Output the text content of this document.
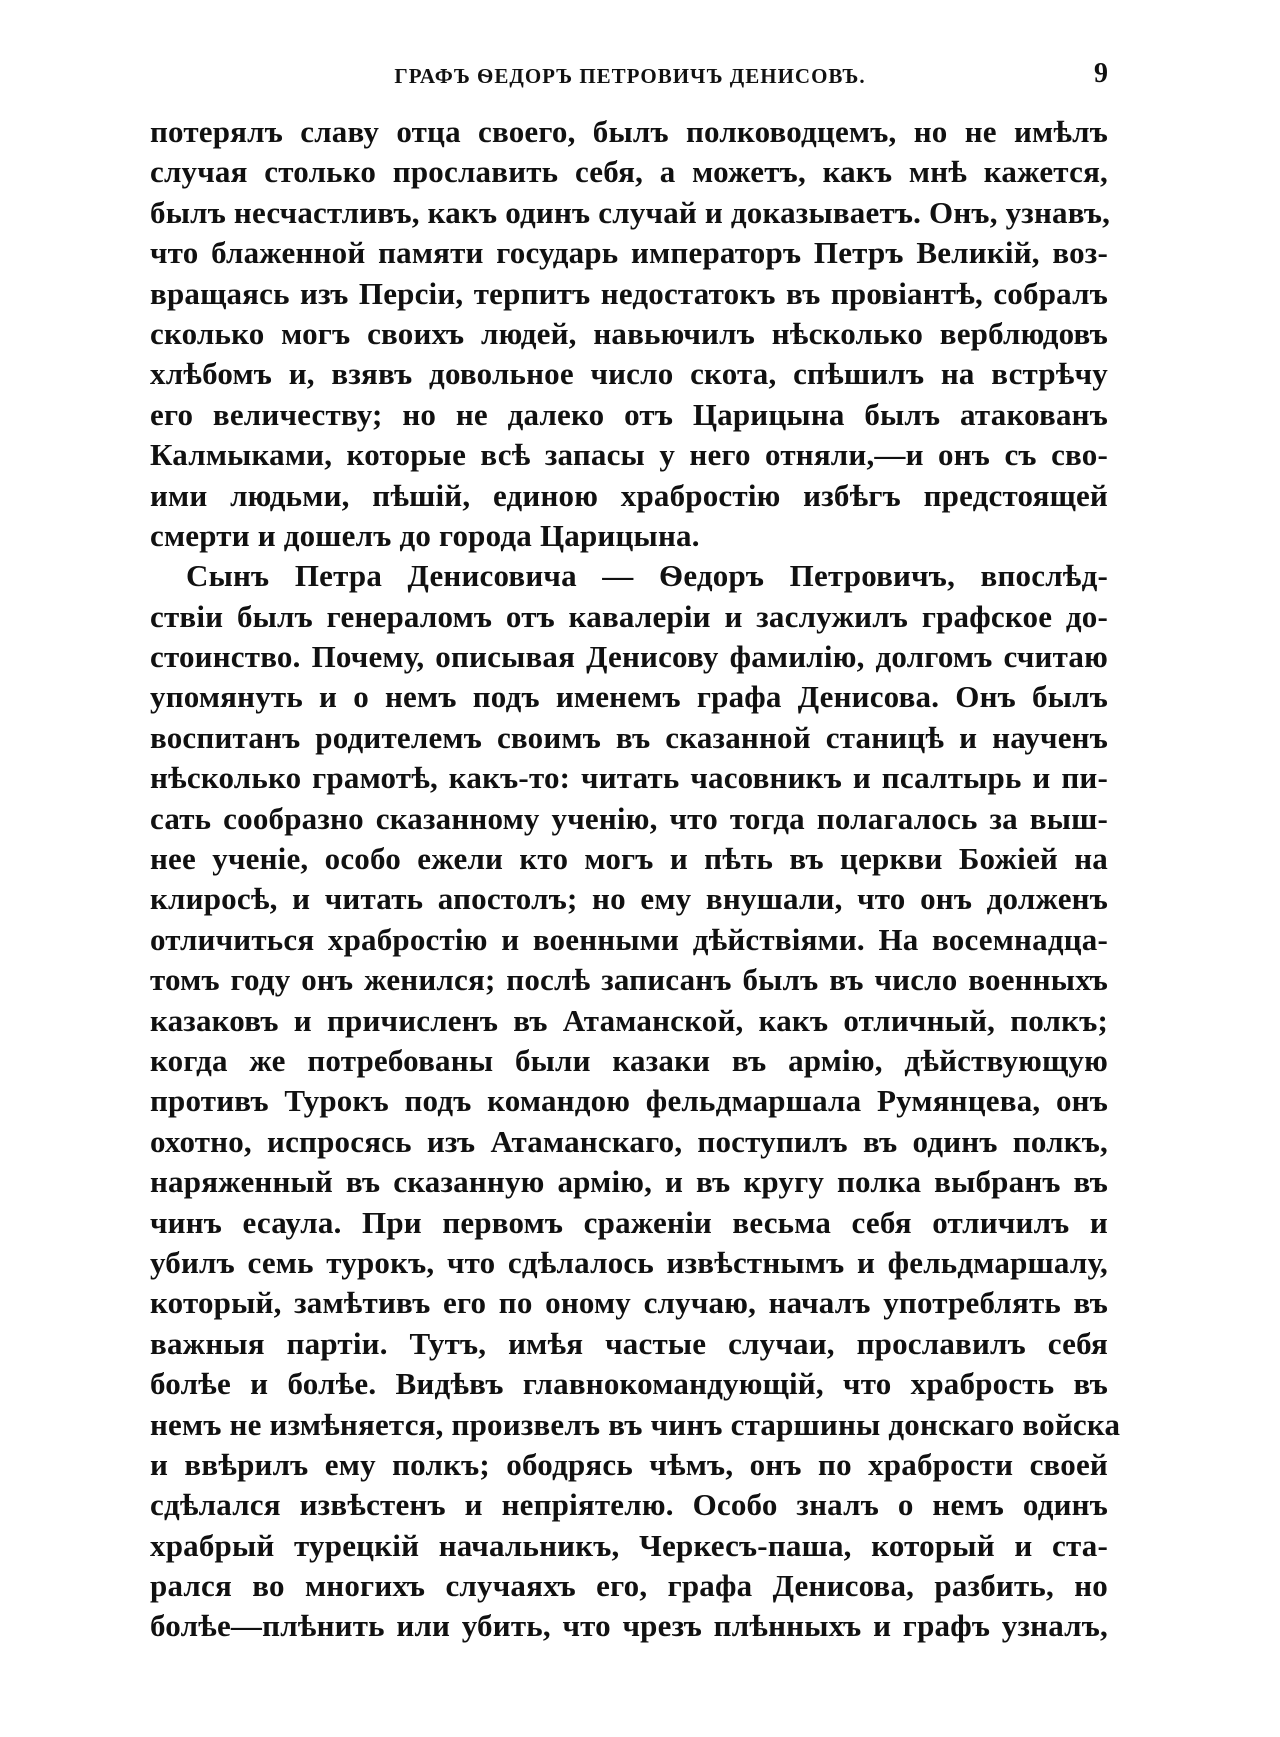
ГРАФЪ ѲЕДОРЪ ПЕТРОВИЧЪ ДЕНИСОВЪ.	9
потерялъ славу отца своего, былъ полководцемъ, но не имѣлъ
случая столько прославить себя, а можетъ, какъ мнѣ кажется,
былъ несчастливъ, какъ одинъ случай и доказываетъ. Онъ, узнавъ,
что блаженной памяти государь императоръ Петръ Великій, воз-
вращаясь изъ Персіи, терпитъ недостатокъ въ провіантѣ, собралъ
сколько могъ своихъ людей, навьючилъ нѣсколько верблюдовъ
хлѣбомъ и, взявъ довольное число скота, спѣшилъ на встрѣчу
его величеству; но не далеко отъ Царицына былъ атакованъ
Калмыками, которые всѣ запасы у него отняли,—и онъ съ сво-
ими людьми, пѣшій, единою храбростію избѣгъ предстоящей
смерти и дошелъ до города Царицына.
Сынъ Петра Денисовича — Ѳедоръ Петровичъ, впослѣд-
ствіи былъ генераломъ отъ кавалеріи и заслужилъ графское до-
стоинство. Почему, описывая Денисову фамилію, долгомъ считаю
упомянуть и о немъ подъ именемъ графа Денисова. Онъ былъ
воспитанъ родителемъ своимъ въ сказанной станицѣ и наученъ
нѣсколько грамотѣ, какъ-то: читать часовникъ и псалтырь и пи-
сать сообразно сказанному ученію, что тогда полагалось за выш-
нее ученіе, особо ежели кто могъ и пѣть въ церкви Божіей на
клиросѣ, и читать апостолъ; но ему внушали, что онъ долженъ
отличиться храбростію и военными дѣйствіями. На восемнадца-
томъ году онъ женился; послѣ записанъ былъ въ число военныхъ
казаковъ и причисленъ въ Атаманской, какъ отличный, полкъ;
когда же потребованы были казаки въ армію, дѣйствующую
противъ Турокъ подъ командою фельдмаршала Румянцева, онъ
охотно, испросясь изъ Атаманскаго, поступилъ въ одинъ полкъ,
наряженный въ сказанную армію, и въ кругу полка выбранъ въ
чинъ есаула. При первомъ сраженіи весьма себя отличилъ и
убилъ семь турокъ, что сдѣлалось извѣстнымъ и фельдмаршалу,
который, замѣтивъ его по оному случаю, началъ употреблять въ
важныя партіи. Тутъ, имѣя частые случаи, прославилъ себя
болѣе и болѣе. Видѣвъ главнокомандующій, что храбрость въ
немъ не измѣняется, произвелъ въ чинъ старшины донскаго войска
и ввѣрилъ ему полкъ; ободрясь чѣмъ, онъ по храбрости своей
сдѣлался извѣстенъ и непріятелю. Особо зналъ о немъ одинъ
храбрый турецкій начальникъ, Черкесъ-паша, который и ста-
рался во многихъ случаяхъ его, графа Денисова, разбить, но
болѣе—плѣнить или убить, что чрезъ плѣнныхъ и графъ узналъ,
